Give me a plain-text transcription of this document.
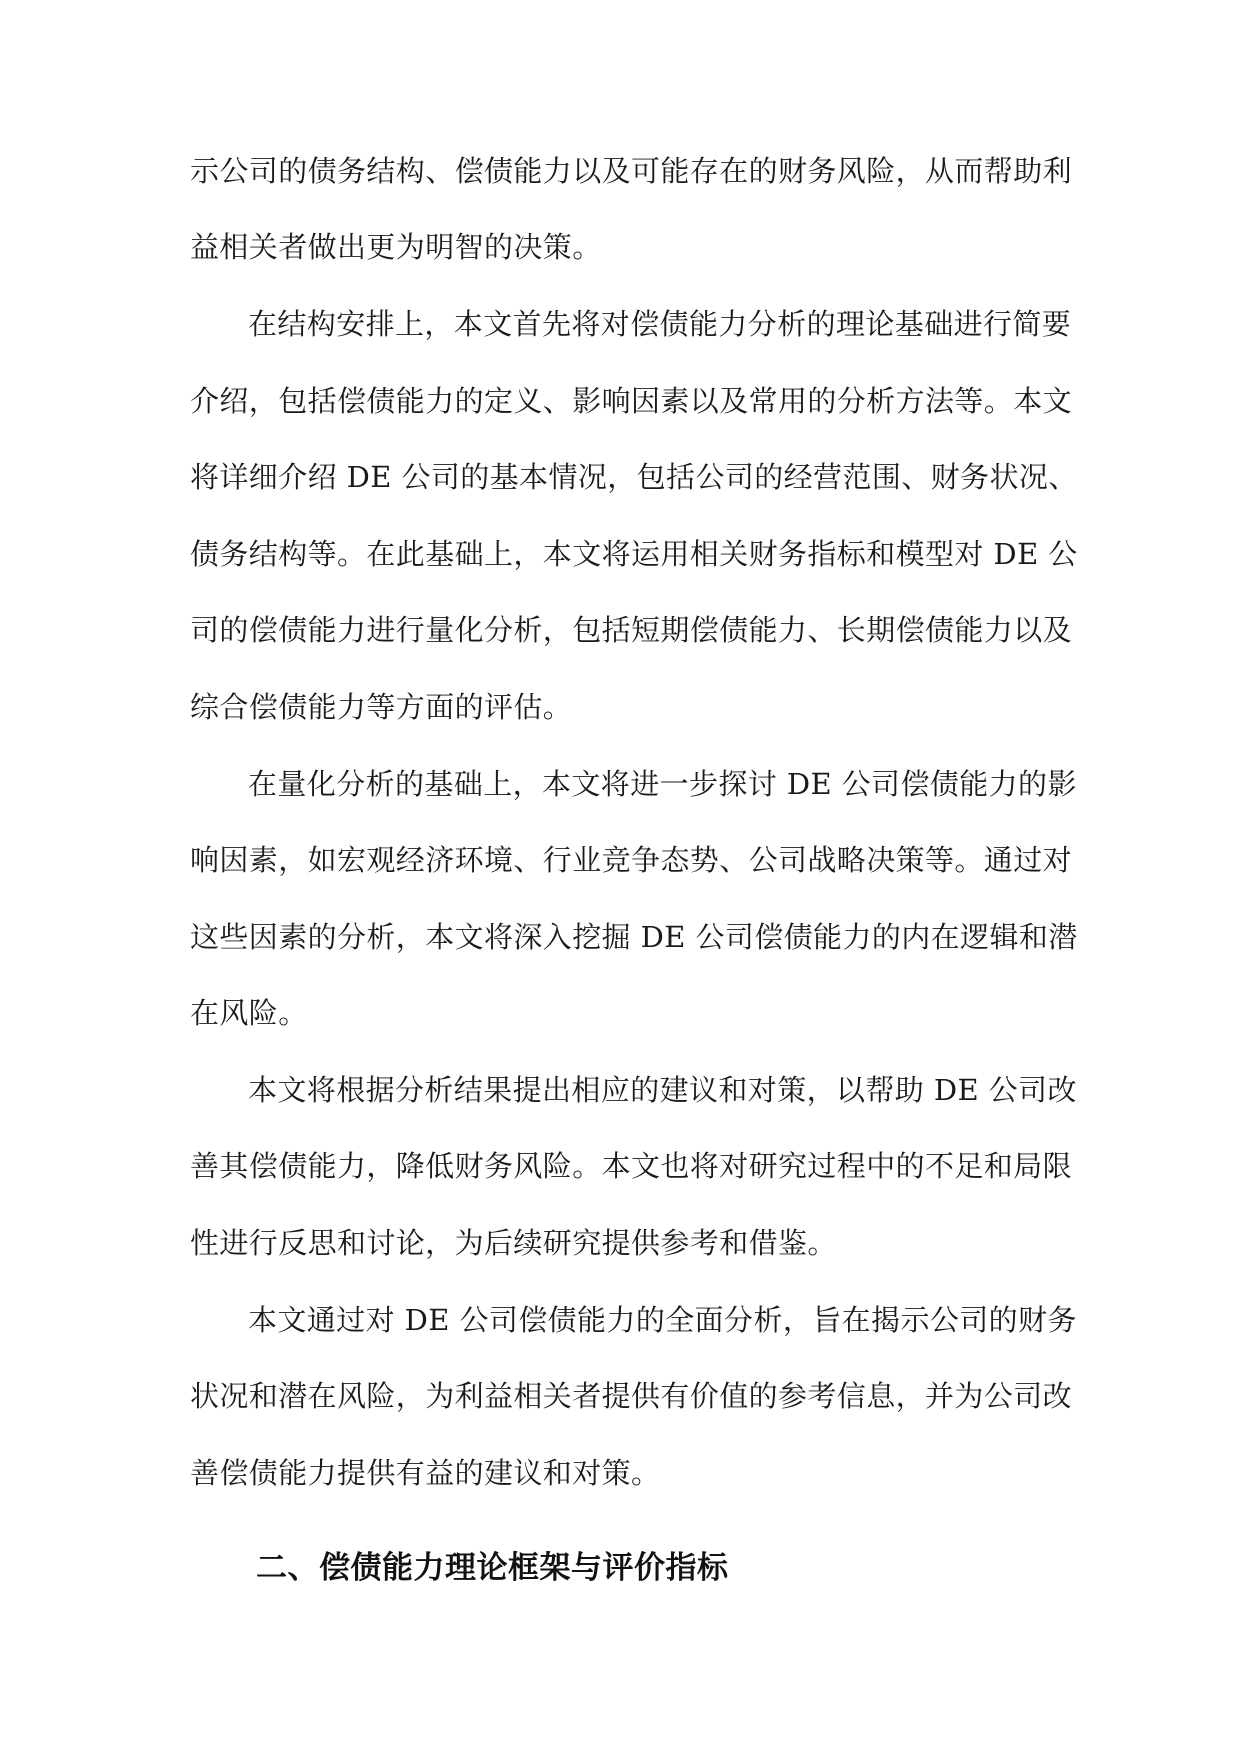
示公司的债务结构、偿债能力以及可能存在的财务风险，从而帮助利
益相关者做出更为明智的决策。
在结构安排上，本文首先将对偿债能力分析的理论基础进行简要
介绍，包括偿债能力的定义、影响因素以及常用的分析方法等。本文
将详细介绍 DE 公司的基本情况，包括公司的经营范围、财务状况、
债务结构等。在此基础上，本文将运用相关财务指标和模型对 DE 公
司的偿债能力进行量化分析，包括短期偿债能力、长期偿债能力以及
综合偿债能力等方面的评估。
在量化分析的基础上，本文将进一步探讨 DE 公司偿债能力的影
响因素，如宏观经济环境、行业竞争态势、公司战略决策等。通过对
这些因素的分析，本文将深入挖掘 DE 公司偿债能力的内在逻辑和潜
在风险。
本文将根据分析结果提出相应的建议和对策，以帮助 DE 公司改
善其偿债能力，降低财务风险。本文也将对研究过程中的不足和局限
性进行反思和讨论，为后续研究提供参考和借鉴。
本文通过对 DE 公司偿债能力的全面分析，旨在揭示公司的财务
状况和潜在风险，为利益相关者提供有价值的参考信息，并为公司改
善偿债能力提供有益的建议和对策。
二、偿债能力理论框架与评价指标
